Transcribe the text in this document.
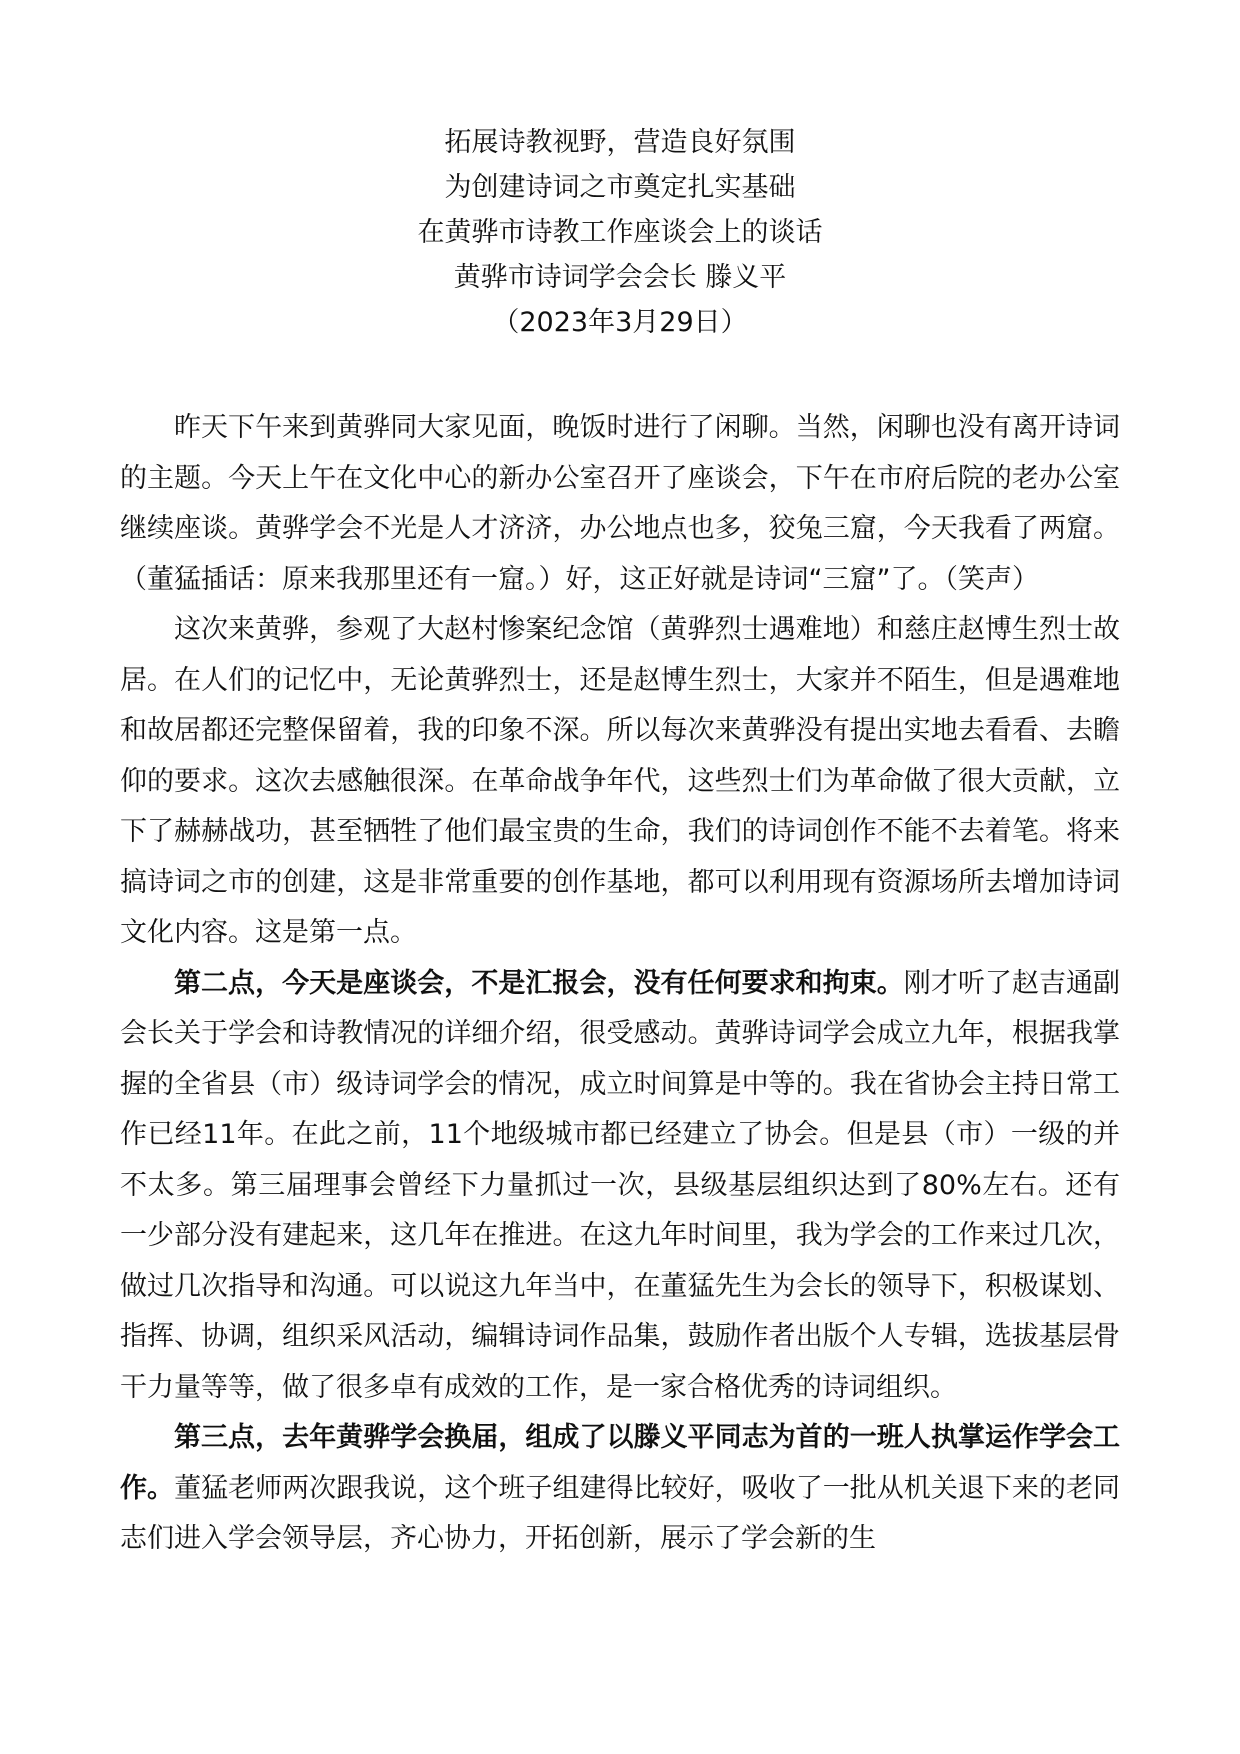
拓展诗教视野，营造良好氛围
为创建诗词之市奠定扎实基础
在黄骅市诗教工作座谈会上的谈话
黄骅市诗词学会会长 滕义平
（2023年3月29日）

昨天下午来到黄骅同大家见面，晚饭时进行了闲聊。当然，闲聊也没有离开诗词的主题。今天上午在文化中心的新办公室召开了座谈会，下午在市府后院的老办公室继续座谈。黄骅学会不光是人才济济，办公地点也多，狡兔三窟，今天我看了两窟。（董猛插话：原来我那里还有一窟。）好，这正好就是诗词“三窟”了。（笑声）

这次来黄骅，参观了大赵村惨案纪念馆（黄骅烈士遇难地）和慈庄赵博生烈士故居。在人们的记忆中，无论黄骅烈士，还是赵博生烈士，大家并不陌生，但是遇难地和故居都还完整保留着，我的印象不深。所以每次来黄骅没有提出实地去看看、去瞻仰的要求。这次去感触很深。在革命战争年代，这些烈士们为革命做了很大贡献，立下了赫赫战功，甚至牺牲了他们最宝贵的生命，我们的诗词创作不能不去着笔。将来搞诗词之市的创建，这是非常重要的创作基地，都可以利用现有资源场所去增加诗词文化内容。这是第一点。

第二点，今天是座谈会，不是汇报会，没有任何要求和拘束。刚才听了赵吉通副会长关于学会和诗教情况的详细介绍，很受感动。黄骅诗词学会成立九年，根据我掌握的全省县（市）级诗词学会的情况，成立时间算是中等的。我在省协会主持日常工作已经11年。在此之前，11个地级城市都已经建立了协会。但是县（市）一级的并不太多。第三届理事会曾经下力量抓过一次，县级基层组织达到了80%左右。还有一少部分没有建起来，这几年在推进。在这九年时间里，我为学会的工作来过几次，做过几次指导和沟通。可以说这九年当中，在董猛先生为会长的领导下，积极谋划、指挥、协调，组织采风活动，编辑诗词作品集，鼓励作者出版个人专辑，选拔基层骨干力量等等，做了很多卓有成效的工作，是一家合格优秀的诗词组织。

第三点，去年黄骅学会换届，组成了以滕义平同志为首的一班人执掌运作学会工作。董猛老师两次跟我说，这个班子组建得比较好，吸收了一批从机关退下来的老同志们进入学会领导层，齐心协力，开拓创新，展示了学会新的生
